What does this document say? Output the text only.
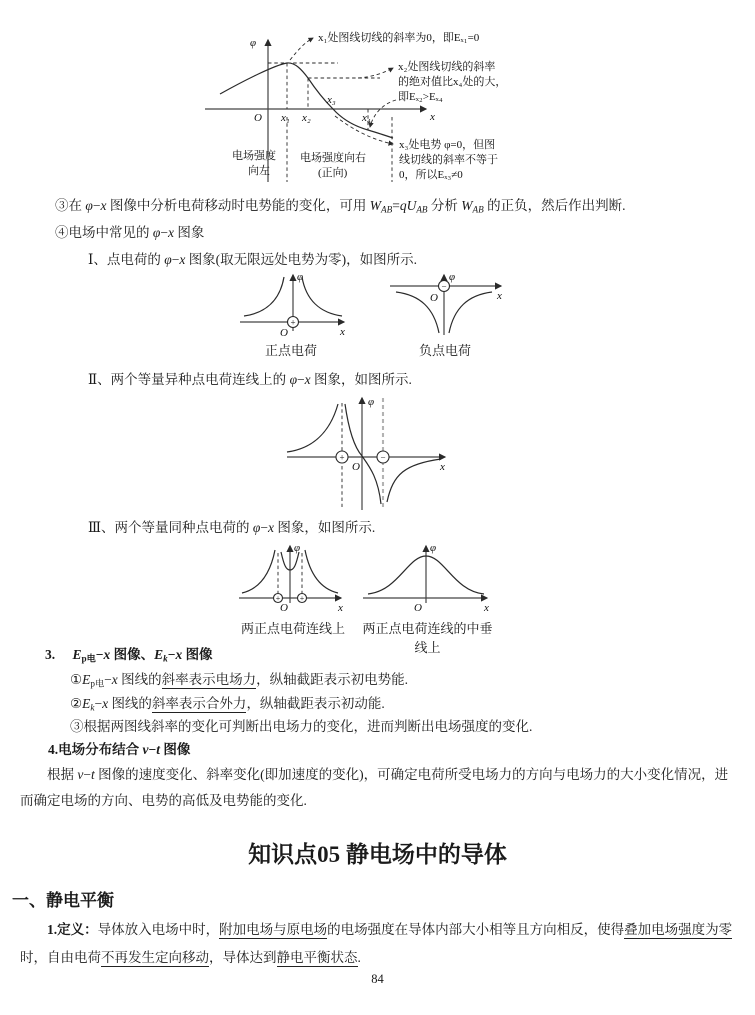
φ
O x₁ x₂
x₃
x₄	x
x₁处图线切线的斜率为0，即Eₓ₁=0
x₂处图线切线的斜率
的绝对值比x₄处的大，
即Eₓ₂>Eₓ₄
x₃处电势 φ=0，但图
线切线的斜率不等于
0，所以Eₓ₃≠0
电场强度
向左
电场强度向右
(正向)
③在 φ−x 图像中分析电荷移动时电势能的变化，可用 $W_{AB}=qU_{AB}$ 分析 $W_{AB}$ 的正负，然后作出判断.
④电场中常见的 φ−x 图象
Ⅰ、点电荷的 φ−x 图象(取无限远处电势为零)，如图所示.
+
φ
O	x
正点电荷
−
φ
O	x
负点电荷
Ⅱ、两个等量异种点电荷连线上的 φ−x 图象，如图所示.
+	−
φ
O	x
Ⅲ、两个等量同种点电荷的 φ−x 图象，如图所示.
+ +
φ
O	x
两正点电荷连线上
φ
O	x
两正点电荷连线的中垂线上
3. $E_{p电}-x$ 图像、$E_k-x$ 图像
$①E_{p电}-x$ 图线的斜率表示电场力，纵轴截距表示初电势能.
$②E_k-x$ 图线的斜率表示合外力，纵轴截距表示初动能.
③根据两图线斜率的变化可判断出电场力的变化，进而判断出电场强度的变化.
4.电场分布结合 v−t 图像
根据 v−t 图像的速度变化、斜率变化(即加速度的变化)，可确定电荷所受电场力的方向与电场力的大小变化情况，进而确定电场的方向、电势的高低及电势能的变化.
知识点05 静电场中的导体
一、静电平衡
1.定义：导体放入电场中时，附加电场与原电场的电场强度在导体内部大小相等且方向相反，使得叠加电场强度为零时，自由电荷不再发生定向移动，导体达到静电平衡状态.
84
